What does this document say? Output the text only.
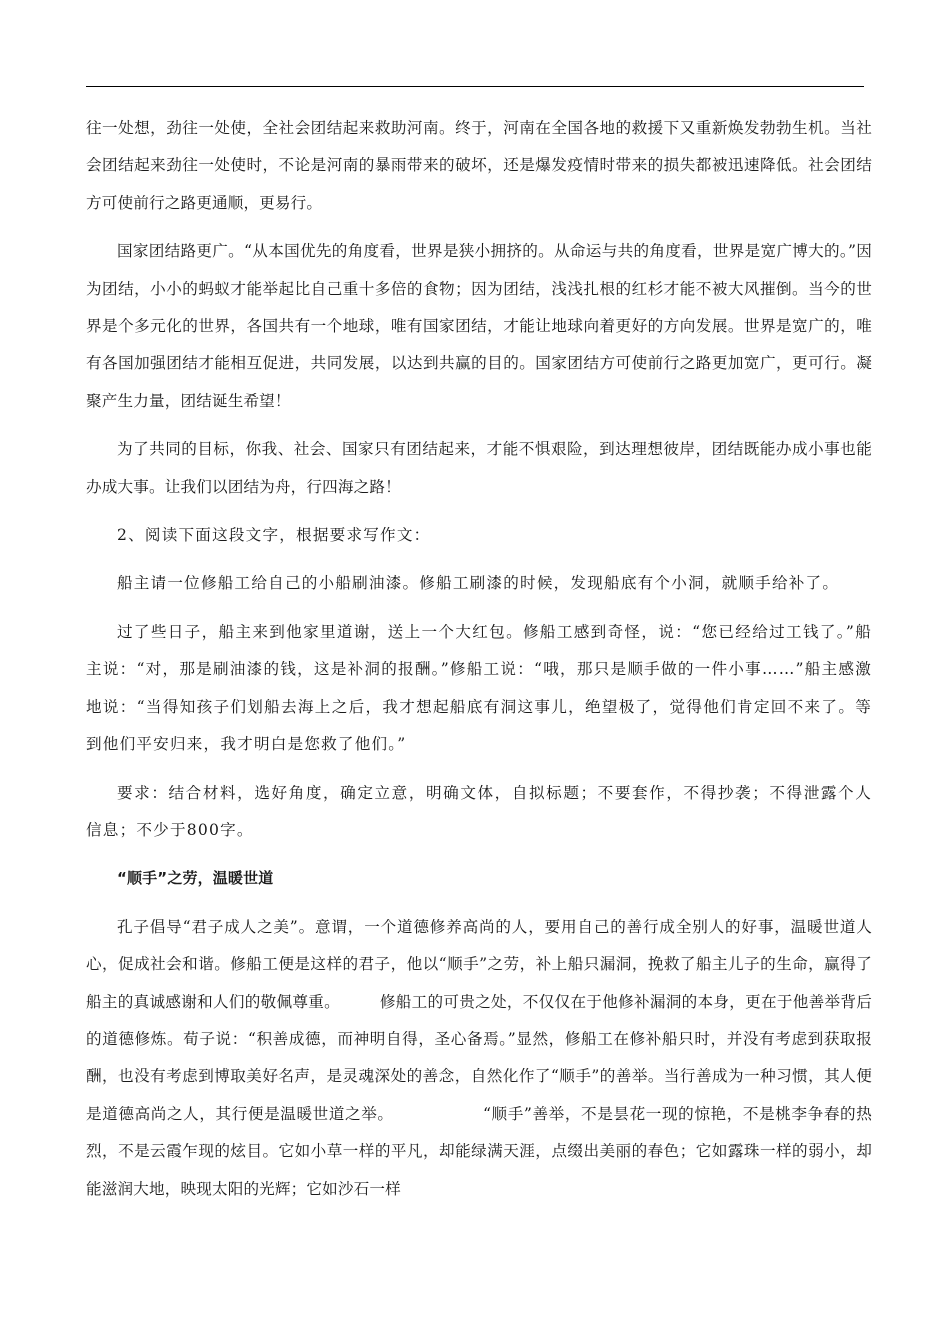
往一处想，劲往一处使，全社会团结起来救助河南。终于，河南在全国各地的救援下又重新焕发勃勃生机。当社会团结起来劲往一处使时，不论是河南的暴雨带来的破坏，还是爆发疫情时带来的损失都被迅速降低。社会团结方可使前行之路更通顺，更易行。

国家团结路更广。“从本国优先的角度看，世界是狭小拥挤的。从命运与共的角度看，世界是宽广博大的。”因为团结，小小的蚂蚁才能举起比自己重十多倍的食物；因为团结，浅浅扎根的红杉才能不被大风摧倒。当今的世界是个多元化的世界，各国共有一个地球，唯有国家团结，才能让地球向着更好的方向发展。世界是宽广的，唯有各国加强团结才能相互促进，共同发展，以达到共赢的目的。国家团结方可使前行之路更加宽广，更可行。凝聚产生力量，团结诞生希望！

为了共同的目标，你我、社会、国家只有团结起来，才能不惧艰险，到达理想彼岸，团结既能办成小事也能办成大事。让我们以团结为舟，行四海之路！

2、阅读下面这段文字，根据要求写作文：

船主请一位修船工给自己的小船刷油漆。修船工刷漆的时候，发现船底有个小洞，就顺手给补了。

过了些日子，船主来到他家里道谢，送上一个大红包。修船工感到奇怪，说：“您已经给过工钱了。”船主说：“对，那是刷油漆的钱，这是补洞的报酬。”修船工说：“哦，那只是顺手做的一件小事……”船主感激地说：“当得知孩子们划船去海上之后，我才想起船底有洞这事儿，绝望极了，觉得他们肯定回不来了。等到他们平安归来，我才明白是您救了他们。”

要求：结合材料，选好角度，确定立意，明确文体，自拟标题；不要套作，不得抄袭；不得泄露个人信息；不少于800字。

“顺手”之劳，温暖世道

孔子倡导“君子成人之美”。意谓，一个道德修养高尚的人，要用自己的善行成全别人的好事，温暖世道人心，促成社会和谐。修船工便是这样的君子，他以“顺手”之劳，补上船只漏洞，挽救了船主儿子的生命，赢得了船主的真诚感谢和人们的敬佩尊重。　　　修船工的可贵之处，不仅仅在于他修补漏洞的本身，更在于他善举背后的道德修炼。荀子说：“积善成德，而神明自得，圣心备焉。”显然，修船工在修补船只时，并没有考虑到获取报酬，也没有考虑到博取美好名声，是灵魂深处的善念，自然化作了“顺手”的善举。当行善成为一种习惯，其人便是道德高尚之人，其行便是温暖世道之举。　　　　　　“顺手”善举，不是昙花一现的惊艳，不是桃李争春的热烈，不是云霞乍现的炫目。它如小草一样的平凡，却能绿满天涯，点缀出美丽的春色；它如露珠一样的弱小，却能滋润大地，映现太阳的光辉；它如沙石一样
